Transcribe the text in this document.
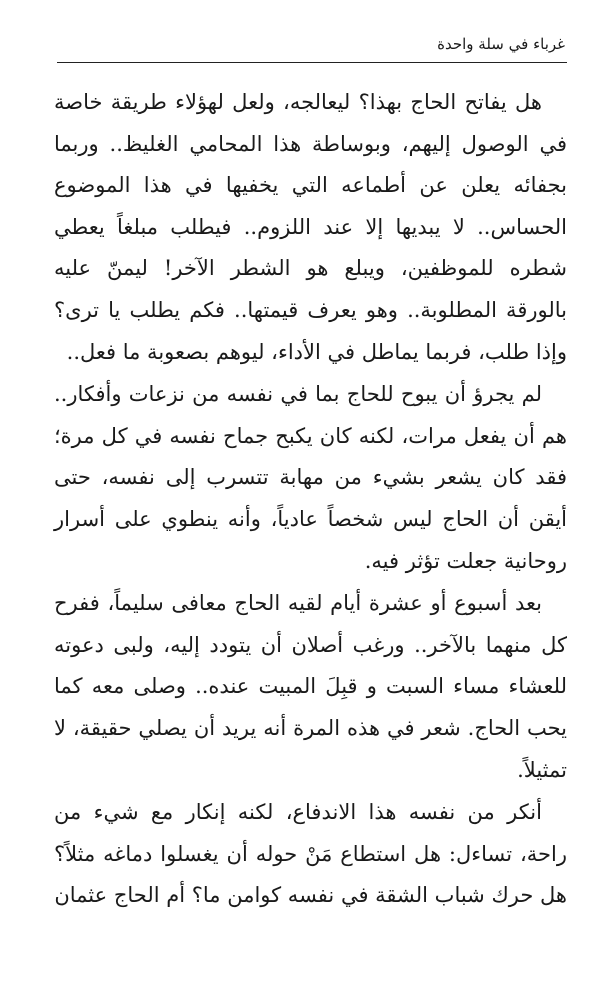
غرباء في سلة واحدة

هل يفاتح الحاج بهذا؟ ليعالجه، ولعل لهؤلاء طريقة خاصة في الوصول إليهم، وبوساطة هذا المحامي الغليظ.. وربما بجفائه يعلن عن أطماعه التي يخفيها في هذا الموضوع الحساس.. لا يبديها إلا عند اللزوم.. فيطلب مبلغاً يعطي شطره للموظفين، ويبلع هو الشطر الآخر! ليمنّ عليه بالورقة المطلوبة.. وهو يعرف قيمتها.. فكم يطلب يا ترى؟ وإذا طلب، فربما يماطل في الأداء، ليوهم بصعوبة ما فعل..

لم يجرؤ أن يبوح للحاج بما في نفسه من نزعات وأفكار.. هم أن يفعل مرات، لكنه كان يكبح جماح نفسه في كل مرة؛ فقد كان يشعر بشيء من مهابة تتسرب إلى نفسه، حتى أيقن أن الحاج ليس شخصاً عادياً، وأنه ينطوي على أسرار روحانية جعلت تؤثر فيه.

بعد أسبوع أو عشرة أيام لقيه الحاج معافى سليماً، ففرح كل منهما بالآخر.. ورغب أصلان أن يتودد إليه، ولبى دعوته للعشاء مساء السبت و قبِلَ المبيت عنده.. وصلى معه كما يحب الحاج. شعر في هذه المرة أنه يريد أن يصلي حقيقة، لا تمثيلاً.

أنكر من نفسه هذا الاندفاع، لكنه إنكار مع شيء من راحة، تساءل: هل استطاع مَنْ حوله أن يغسلوا دماغه مثلاً؟ هل حرك شباب الشقة في نفسه كوامن ما؟ أم الحاج عثمان
